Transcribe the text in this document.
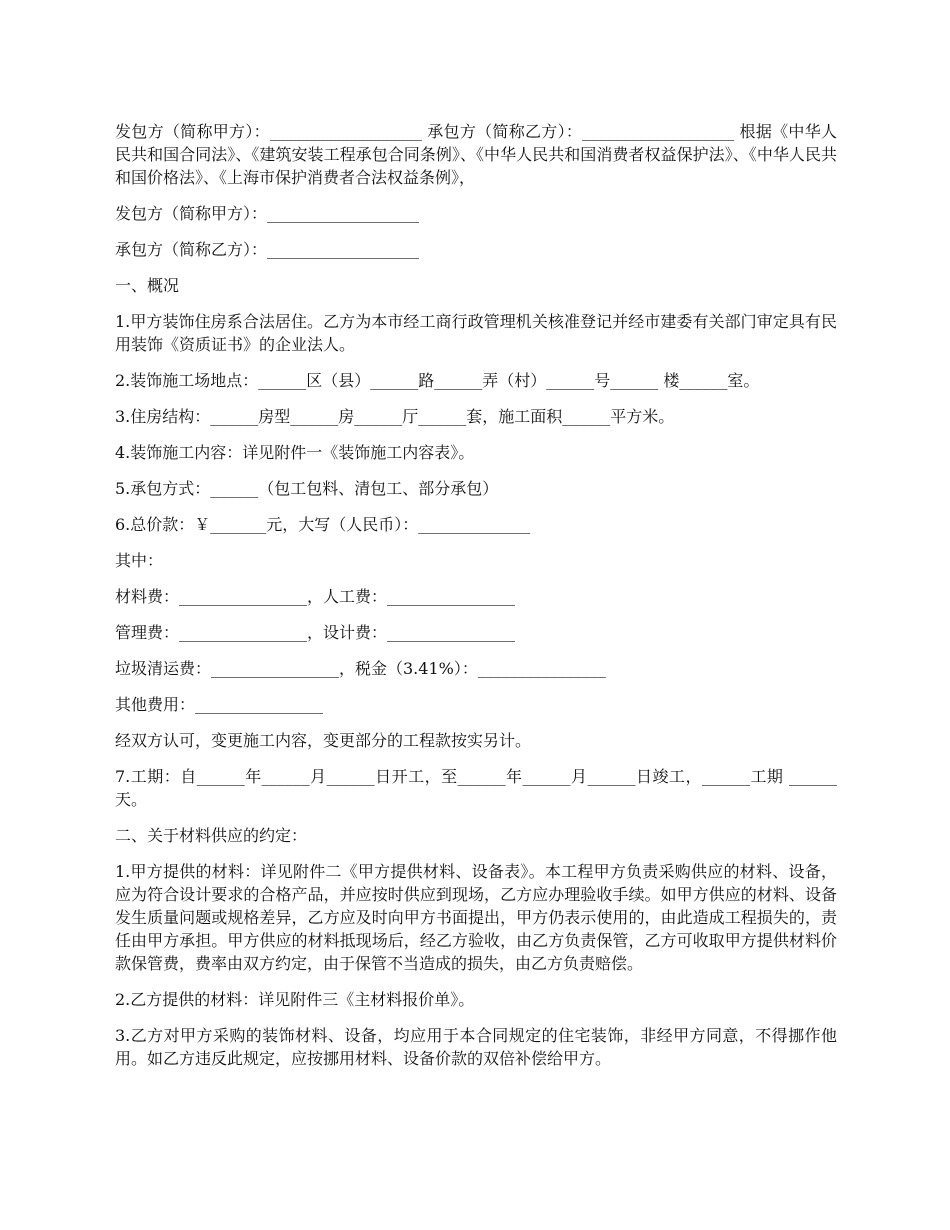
发包方（简称甲方）：___________________ 承包方（简称乙方）：___________________ 根据《中华人民共和国合同法》、《建筑安装工程承包合同条例》、《中华人民共和国消费者权益保护法》、《中华人民共和国价格法》、《上海市保护消费者合法权益条例》，

发包方（简称甲方）：___________________

承包方（简称乙方）：___________________

一、概况

1.甲方装饰住房系合法居住。乙方为本市经工商行政管理机关核准登记并经市建委有关部门审定具有民用装饰《资质证书》的企业法人。

2.装饰施工场地点：______区（县）______路______弄（村）______号______ 楼______室。

3.住房结构：______房型______房______厅______套，施工面积______平方米。

4.装饰施工内容：详见附件一《装饰施工内容表》。

5.承包方式：______（包工包料、清包工、部分承包）

6.总价款：￥_______元，大写（人民币）：______________

其中：

材料费：________________，人工费：________________

管理费：________________，设计费：________________

垃圾清运费：________________，税金（3.41%）：________________

其他费用：________________

经双方认可，变更施工内容，变更部分的工程款按实另计。

7.工期：自______年______月______日开工，至______年______月______日竣工，______工期 ______天。

二、关于材料供应的约定：

1.甲方提供的材料：详见附件二《甲方提供材料、设备表》。本工程甲方负责采购供应的材料、设备，应为符合设计要求的合格产品，并应按时供应到现场，乙方应办理验收手续。如甲方供应的材料、设备发生质量问题或规格差异，乙方应及时向甲方书面提出，甲方仍表示使用的，由此造成工程损失的，责任由甲方承担。甲方供应的材料抵现场后，经乙方验收，由乙方负责保管，乙方可收取甲方提供材料价款保管费，费率由双方约定，由于保管不当造成的损失，由乙方负责赔偿。

2.乙方提供的材料：详见附件三《主材料报价单》。

3.乙方对甲方采购的装饰材料、设备，均应用于本合同规定的住宅装饰，非经甲方同意，不得挪作他用。如乙方违反此规定，应按挪用材料、设备价款的双倍补偿给甲方。
